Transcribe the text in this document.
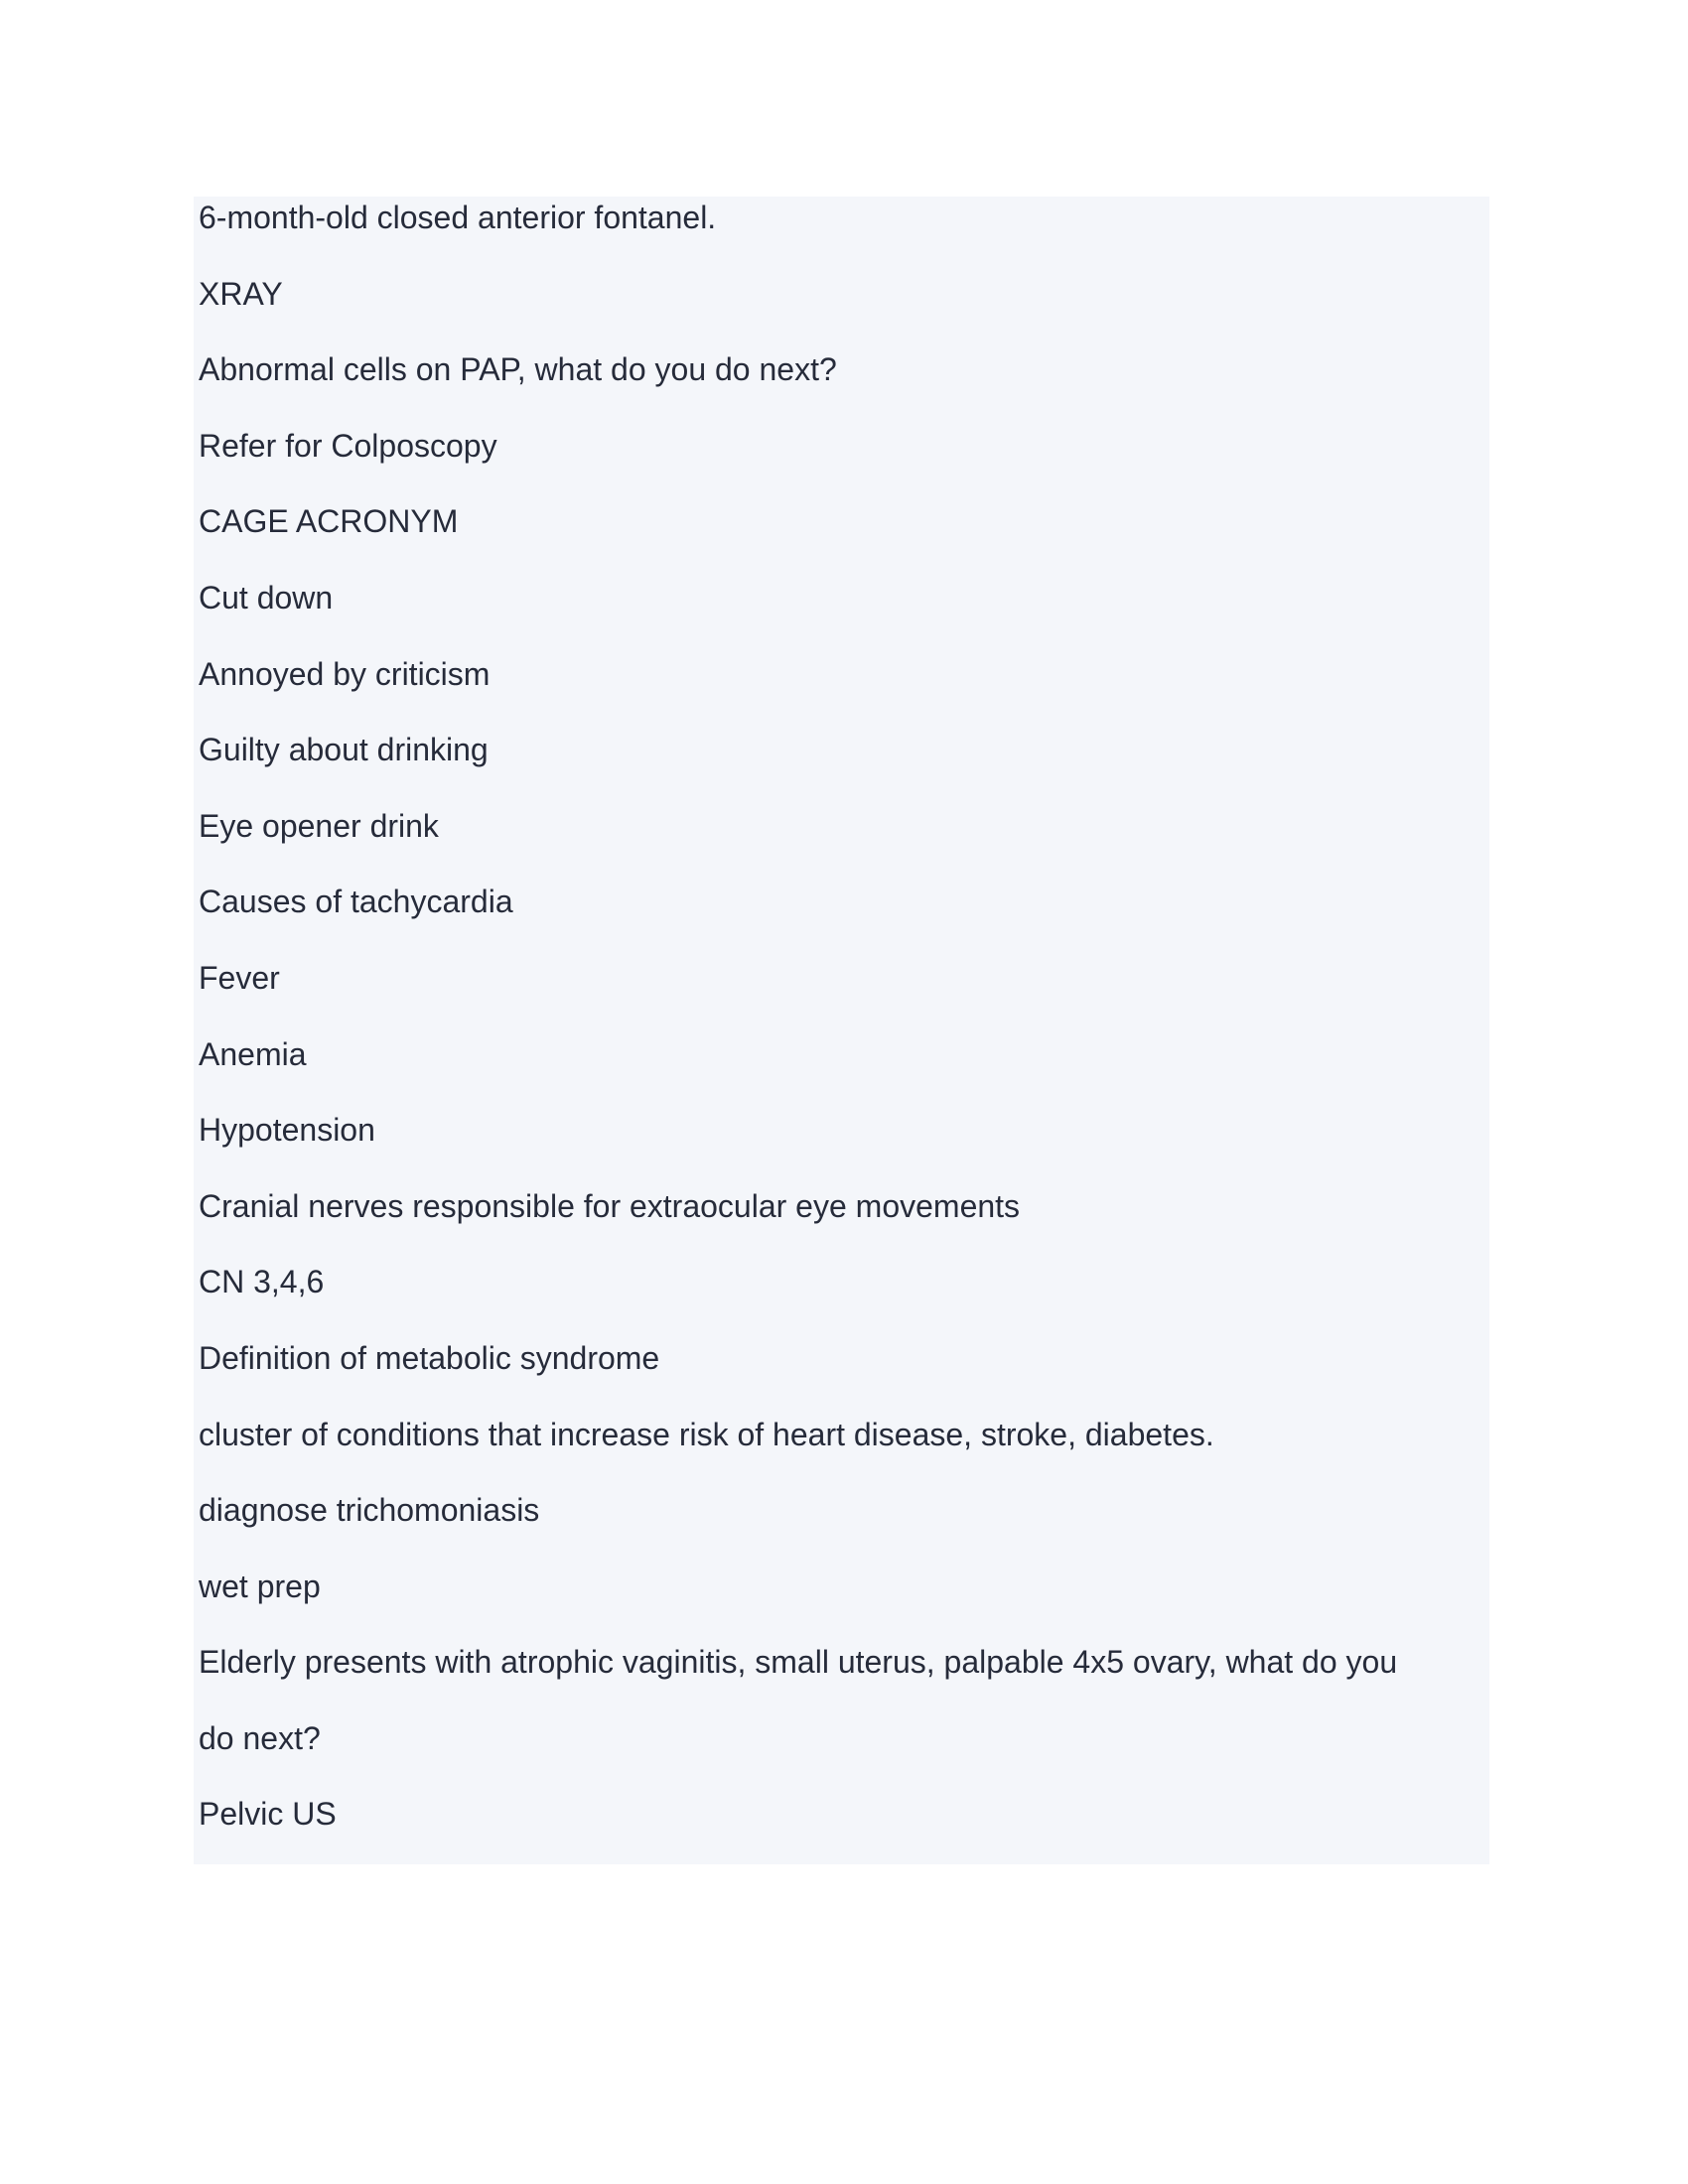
6-month-old closed anterior fontanel.
XRAY
Abnormal cells on PAP, what do you do next?
Refer for Colposcopy
CAGE ACRONYM
Cut down
Annoyed by criticism
Guilty about drinking
Eye opener drink
Causes of tachycardia
Fever
Anemia
Hypotension
Cranial nerves responsible for extraocular eye movements
CN 3,4,6
Definition of metabolic syndrome
cluster of conditions that increase risk of heart disease, stroke, diabetes.
diagnose trichomoniasis
wet prep
Elderly presents with atrophic vaginitis, small uterus, palpable 4x5 ovary, what do you
do next?
Pelvic US
